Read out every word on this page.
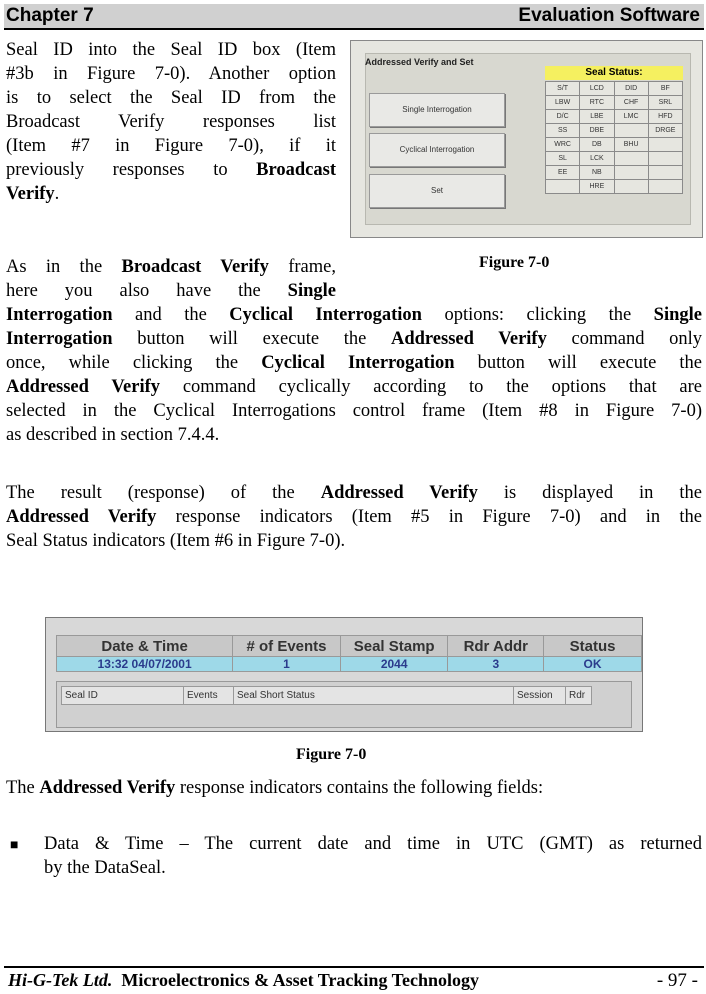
Chapter 7	Evaluation Software
Seal ID into the Seal ID box (Item
#3b in Figure 7-0). Another option
is to select the Seal ID from the
Broadcast Verify responses list
(Item #7 in Figure 7-0), if it
previously responses to Broadcast
Verify.
Addressed Verify and Set
Single Interrogation
Cyclical Interrogation
Set
Seal Status:
S/T	LCD	DID	BF
LBW	RTC	CHF	SRL
D/C	LBE	LMC	HFD
SS	DBE		DRGE
WRC	DB	BHU	
SL	LCK		
EE	NB		
	HRE		
Figure 7-0
As in the Broadcast Verify frame,
here you also have the Single
Interrogation and the Cyclical Interrogation options: clicking the Single
Interrogation button will execute the Addressed Verify command only
once, while clicking the Cyclical Interrogation button will execute the
Addressed Verify command cyclically according to the options that are
selected in the Cyclical Interrogations control frame (Item #8 in Figure 7-0)
as described in section 7.4.4.
The result (response) of the Addressed Verify is displayed in the
Addressed Verify response indicators (Item #5 in Figure 7-0) and in the
Seal Status indicators (Item #6 in Figure 7-0).
Date & Time	# of Events	Seal Stamp	Rdr Addr	Status
13:32 04/07/2001	1	2044	3	OK
Seal ID	Events	Seal Short Status	Session	Rdr
Figure 7-0
The Addressed Verify response indicators contains the following fields:
■ Data & Time – The current date and time in UTC (GMT) as returned
by the DataSeal.
Hi-G-Tek Ltd. Microelectronics & Asset Tracking Technology	- 97 -
